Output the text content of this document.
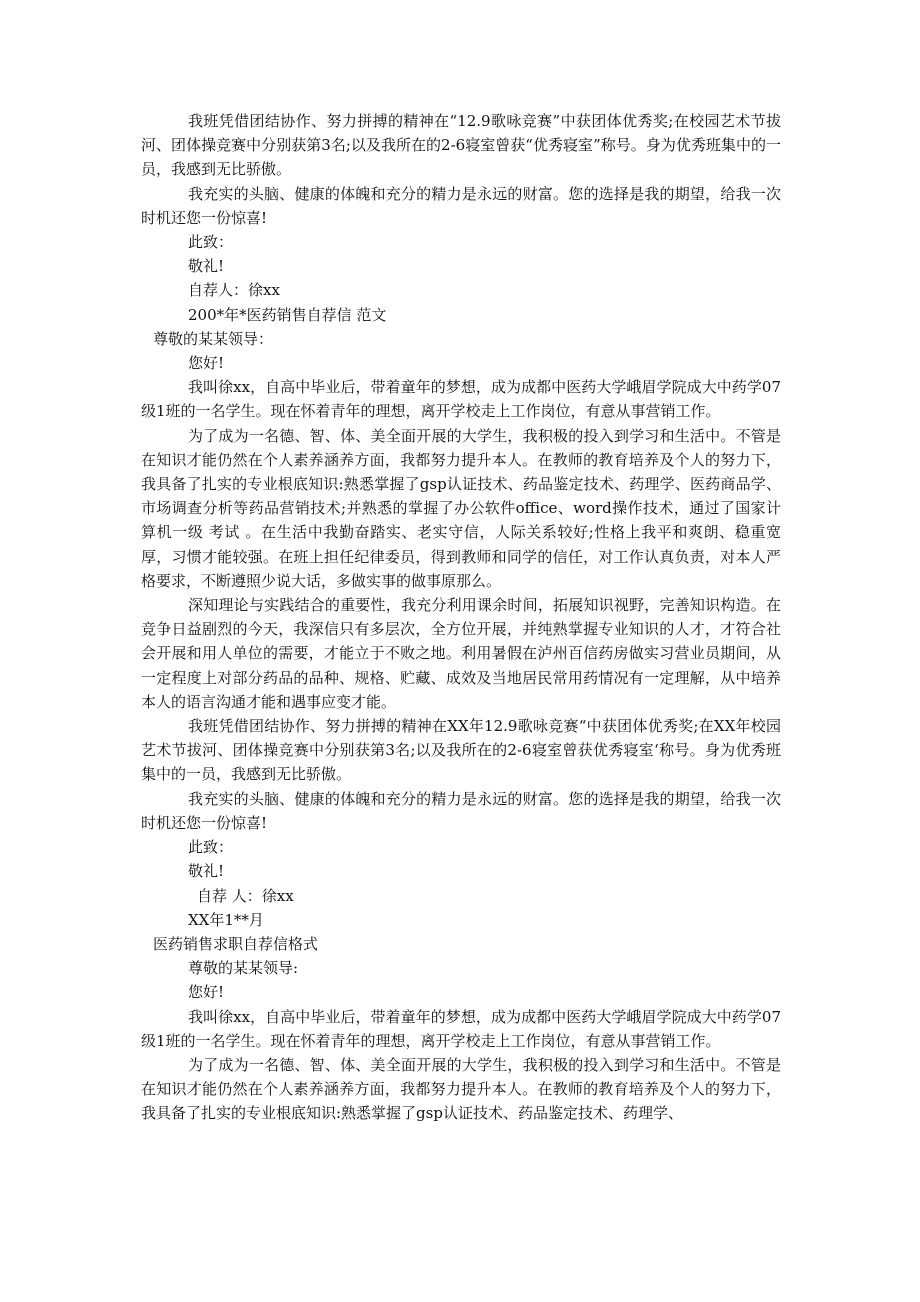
我班凭借团结协作、努力拼搏的精神在“12.9歌咏竞赛”中获团体优秀奖;在校园艺术节拔河、团体操竞赛中分别获第3名;以及我所在的2-6寝室曾获“优秀寝室”称号。身为优秀班集中的一员，我感到无比骄傲。

我充实的头脑、健康的体魄和充分的精力是永远的财富。您的选择是我的期望，给我一次时机还您一份惊喜!

此致：

敬礼!

自荐人：徐xx

200*年*医药销售自荐信 范文

尊敬的某某领导：

您好!

我叫徐xx，自高中毕业后，带着童年的梦想，成为成都中医药大学峨眉学院成大中药学07级1班的一名学生。现在怀着青年的理想，离开学校走上工作岗位，有意从事营销工作。

为了成为一名德、智、体、美全面开展的大学生，我积极的投入到学习和生活中。不管是在知识才能仍然在个人素养涵养方面，我都努力提升本人。在教师的教育培养及个人的努力下，我具备了扎实的专业根底知识:熟悉掌握了gsp认证技术、药品鉴定技术、药理学、医药商品学、市场调查分析等药品营销技术;并熟悉的掌握了办公软件office、word操作技术，通过了国家计算机一级 考试 。在生活中我勤奋踏实、老实守信，人际关系较好;性格上我平和爽朗、稳重宽厚，习惯才能较强。在班上担任纪律委员，得到教师和同学的信任，对工作认真负责，对本人严格要求，不断遵照少说大话，多做实事的做事原那么。

深知理论与实践结合的重要性，我充分利用课余时间，拓展知识视野，完善知识构造。在竞争日益剧烈的今天，我深信只有多层次，全方位开展，并纯熟掌握专业知识的人才，才符合社会开展和用人单位的需要，才能立于不败之地。利用暑假在泸州百信药房做实习营业员期间，从一定程度上对部分药品的品种、规格、贮藏、成效及当地居民常用药情况有一定理解，从中培养本人的语言沟通才能和遇事应变才能。

我班凭借团结协作、努力拼搏的精神在XX年12.9歌咏竞赛“中获团体优秀奖;在XX年校园艺术节拔河、团体操竞赛中分别获第3名;以及我所在的2-6寝室曾获优秀寝室‘称号。身为优秀班集中的一员，我感到无比骄傲。

我充实的头脑、健康的体魄和充分的精力是永远的财富。您的选择是我的期望，给我一次时机还您一份惊喜!

此致：

敬礼!

自荐 人：徐xx

XX年1**月

医药销售求职自荐信格式

尊敬的某某领导:

您好!

我叫徐xx，自高中毕业后，带着童年的梦想，成为成都中医药大学峨眉学院成大中药学07级1班的一名学生。现在怀着青年的理想，离开学校走上工作岗位，有意从事营销工作。

为了成为一名德、智、体、美全面开展的大学生，我积极的投入到学习和生活中。不管是在知识才能仍然在个人素养涵养方面，我都努力提升本人。在教师的教育培养及个人的努力下，我具备了扎实的专业根底知识:熟悉掌握了gsp认证技术、药品鉴定技术、药理学、
